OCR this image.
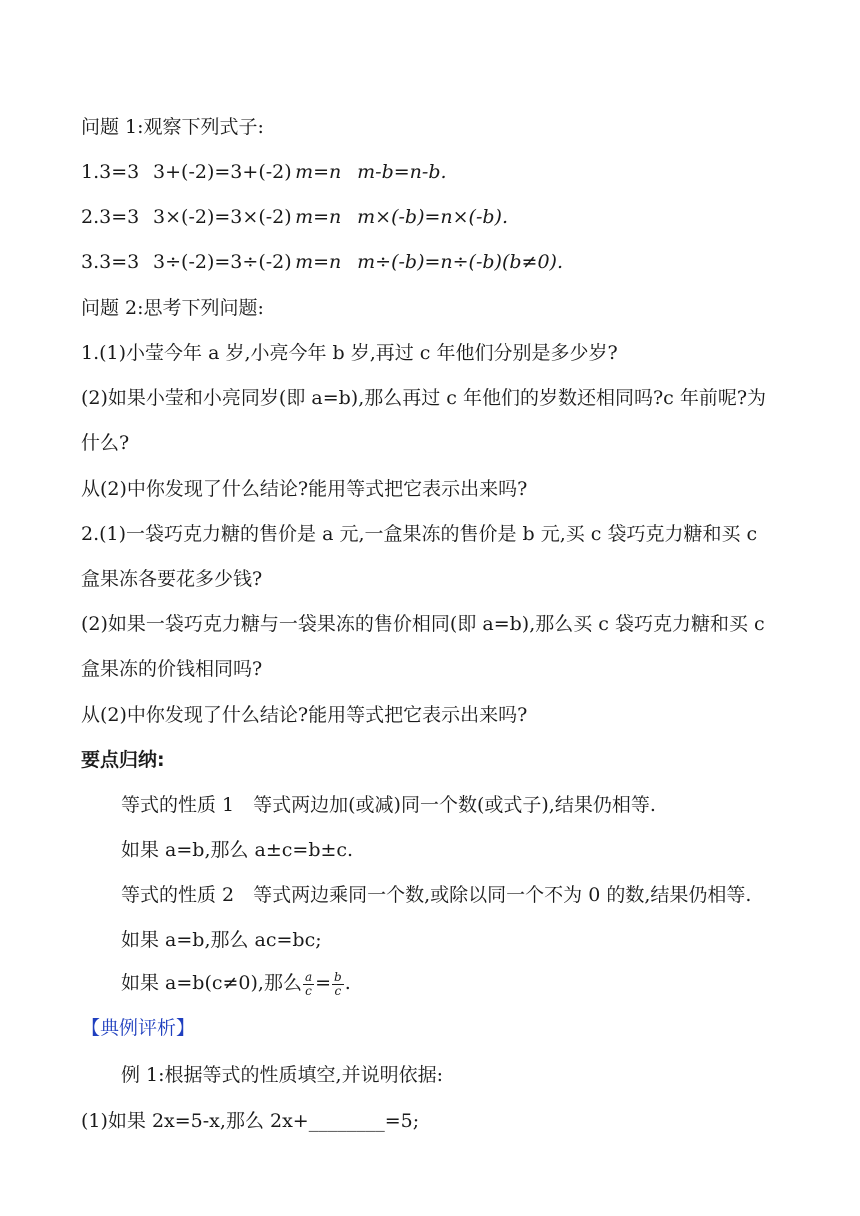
问题 1:观察下列式子:
1.3=3 3+(-2)=3+(-2) m=n m-b=n-b.
2.3=3 3×(-2)=3×(-2) m=n m×(-b)=n×(-b).
3.3=3 3÷(-2)=3÷(-2) m=n m÷(-b)=n÷(-b)(b≠0).
问题 2:思考下列问题:
1.(1)小莹今年 a 岁,小亮今年 b 岁,再过 c 年他们分别是多少岁?
(2)如果小莹和小亮同岁(即 a=b),那么再过 c 年他们的岁数还相同吗?c 年前呢?为
什么?
从(2)中你发现了什么结论?能用等式把它表示出来吗?
2.(1)一袋巧克力糖的售价是 a 元,一盒果冻的售价是 b 元,买 c 袋巧克力糖和买 c
盒果冻各要花多少钱?
(2)如果一袋巧克力糖与一袋果冻的售价相同(即 a=b),那么买 c 袋巧克力糖和买 c
盒果冻的价钱相同吗?
从(2)中你发现了什么结论?能用等式把它表示出来吗?
要点归纳:
等式的性质 1　等式两边加(或减)同一个数(或式子),结果仍相等.
如果 a=b,那么 a±c=b±c.
等式的性质 2　等式两边乘同一个数,或除以同一个不为 0 的数,结果仍相等.
如果 a=b,那么 ac=bc;
如果 a=b(c≠0),那么 $\frac{a}{c} = \frac{b}{c}$ .
【典例评析】
例 1:根据等式的性质填空,并说明依据:
(1)如果 2x=5-x,那么 2x+________=5;
